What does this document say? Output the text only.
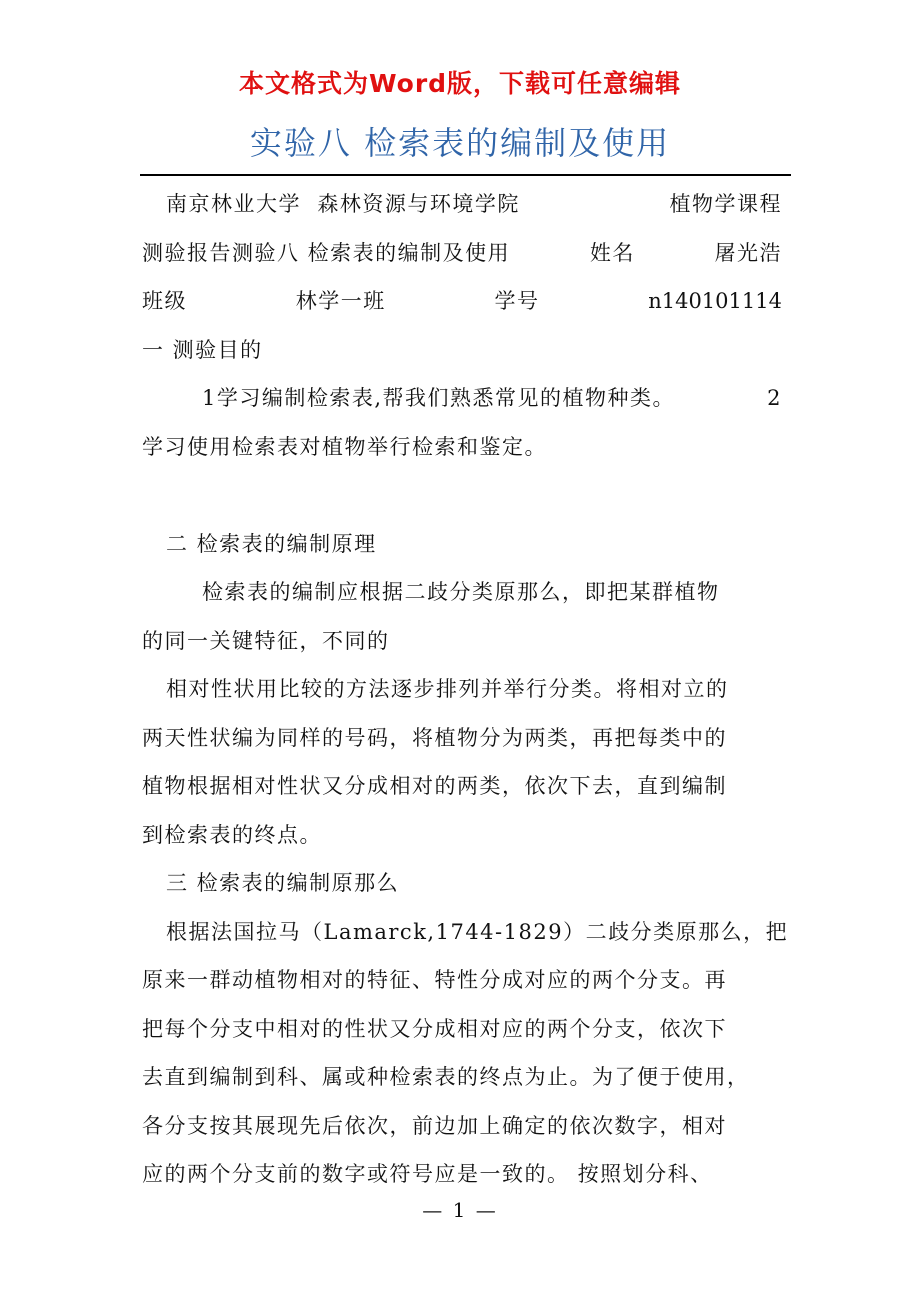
本文格式为Word版，下载可任意编辑
实验八 检索表的编制及使用
南京林业大学 森林资源与环境学院	植物学课程
测验报告测验八 检索表的编制及使用	姓名	屠光浩
班级	林学一班	学号	n140101114
一 测验目的
1学习编制检索表,帮我们熟悉常见的植物种类。	2
学习使用检索表对植物举行检索和鉴定。
二 检索表的编制原理
检索表的编制应根据二歧分类原那么，即把某群植物
的同一关键特征，不同的
相对性状用比较的方法逐步排列并举行分类。将相对立的
两天性状编为同样的号码，将植物分为两类，再把每类中的
植物根据相对性状又分成相对的两类，依次下去，直到编制
到检索表的终点。
三 检索表的编制原那么
根据法国拉马（Lamarck,1744-1829）二歧分类原那么，把
原来一群动植物相对的特征、特性分成对应的两个分支。再
把每个分支中相对的性状又分成相对应的两个分支，依次下
去直到编制到科、属或种检索表的终点为止。为了便于使用，
各分支按其展现先后依次，前边加上确定的依次数字，相对
应的两个分支前的数字或符号应是一致的。 按照划分科、
— 1 —
